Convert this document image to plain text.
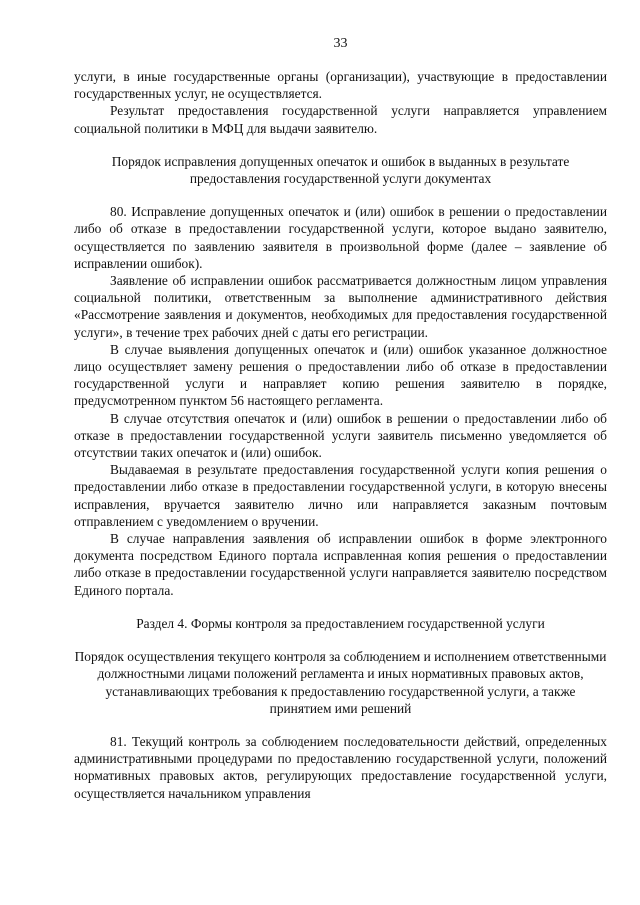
33

услуги, в иные государственные органы (организации), участвующие в предоставлении государственных услуг, не осуществляется.

Результат предоставления государственной услуги направляется управлением социальной политики в МФЦ для выдачи заявителю.

Порядок исправления допущенных опечаток и ошибок в выданных в результате предоставления государственной услуги документах

80. Исправление допущенных опечаток и (или) ошибок в решении о предоставлении либо об отказе в предоставлении государственной услуги, которое выдано заявителю, осуществляется по заявлению заявителя в произвольной форме (далее – заявление об исправлении ошибок).

Заявление об исправлении ошибок рассматривается должностным лицом управления социальной политики, ответственным за выполнение административного действия «Рассмотрение заявления и документов, необходимых для предоставления государственной услуги», в течение трех рабочих дней с даты его регистрации.

В случае выявления допущенных опечаток и (или) ошибок указанное должностное лицо осуществляет замену решения о предоставлении либо об отказе в предоставлении государственной услуги и направляет копию решения заявителю в порядке, предусмотренном пунктом 56 настоящего регламента.

В случае отсутствия опечаток и (или) ошибок в решении о предоставлении либо об отказе в предоставлении государственной услуги заявитель письменно уведомляется об отсутствии таких опечаток и (или) ошибок.

Выдаваемая в результате предоставления государственной услуги копия решения о предоставлении либо отказе в предоставлении государственной услуги, в которую внесены исправления, вручается заявителю лично или направляется заказным почтовым отправлением с уведомлением о вручении.

В случае направления заявления об исправлении ошибок в форме электронного документа посредством Единого портала исправленная копия решения о предоставлении либо отказе в предоставлении государственной услуги направляется заявителю посредством Единого портала.

Раздел 4. Формы контроля за предоставлением государственной услуги

Порядок осуществления текущего контроля за соблюдением и исполнением ответственными должностными лицами положений регламента и иных нормативных правовых актов, устанавливающих требования к предоставлению государственной услуги, а также принятием ими решений

81. Текущий контроль за соблюдением последовательности действий, определенных административными процедурами по предоставлению государственной услуги, положений нормативных правовых актов, регулирующих предоставление государственной услуги, осуществляется начальником управления
